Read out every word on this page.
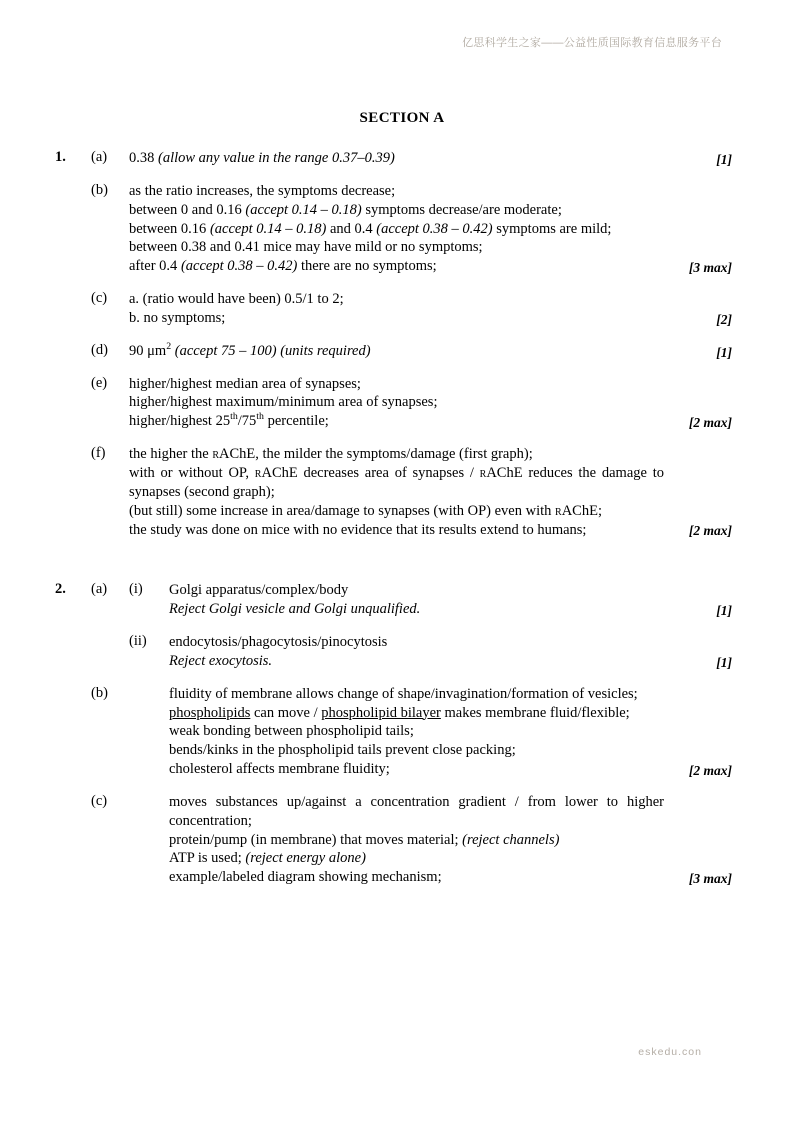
亿思科学生之家——公益性质国际教育信息服务平台
SECTION A
1.	(a)	0.38 (allow any value in the range 0.37–0.39)	[1]
(b)	as the ratio increases, the symptoms decrease;
between 0 and 0.16 (accept 0.14 – 0.18) symptoms decrease/are moderate;
between 0.16 (accept 0.14 – 0.18) and 0.4 (accept 0.38 – 0.42) symptoms are mild;
between 0.38 and 0.41 mice may have mild or no symptoms;
after 0.4 (accept 0.38 – 0.42) there are no symptoms;	[3 max]
(c)	a. (ratio would have been) 0.5/1 to 2;
b. no symptoms;	[2]
(d)	90 $\mu m^2$ (accept 75 – 100) (units required)	[1]
(e)	higher/highest median area of synapses;
higher/highest maximum/minimum area of synapses;
higher/highest 25th/75th percentile;	[2 max]
(f)	the higher the rAChE, the milder the symptoms/damage (first graph);
with or without OP, rAChE decreases area of synapses / rAChE reduces the damage to synapses (second graph);
(but still) some increase in area/damage to synapses (with OP) even with rAChE;
the study was done on mice with no evidence that its results extend to humans;	[2 max]
2.	(a)	(i)	Golgi apparatus/complex/body
Reject Golgi vesicle and Golgi unqualified.	[1]
(ii)	endocytosis/phagocytosis/pinocytosis
Reject exocytosis.	[1]
(b)	fluidity of membrane allows change of shape/invagination/formation of vesicles;
phospholipids can move / phospholipid bilayer makes membrane fluid/flexible;
weak bonding between phospholipid tails;
bends/kinks in the phospholipid tails prevent close packing;
cholesterol affects membrane fluidity;	[2 max]
(c)	moves substances up/against a concentration gradient / from lower to higher concentration;
protein/pump (in membrane) that moves material; (reject channels)
ATP is used; (reject energy alone)
example/labeled diagram showing mechanism;	[3 max]
eskedu.con
